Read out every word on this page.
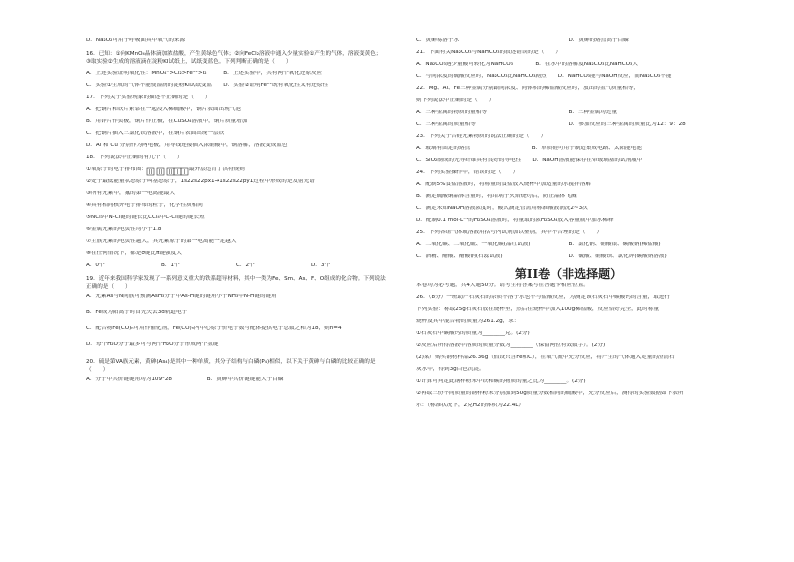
D．Na₂O₂可用于呼吸面具中氧气的来源
16．已知：①向KMnO₄晶体滴加浓盐酸，产生黄绿色气体；②向FeCl₂溶液中通入少量实验①产生的气体，溶液变黄色；③取实验②生成的溶液滴在淀粉KI试纸上，试纸变蓝色。下列判断正确的是（　　）
A．上述实验证明氧化性：MnO₄⁻>Cl₂>Fe³⁺>I₂　　　B．上述实验中，共有两个氧化还原反应
C．实验①生成的气体不能使湿润的淀粉KI试纸变蓝　　D．实验②证明Fe²⁺既有氧化性又有还原性
17．下列关于实验现象的描述不正确的是（　　）
A．把铜片和铁片紧靠在一起浸入稀硫酸中，铜片表面出现气泡
B．用锌片作负极，铜片作正极，在CuSO₄溶液中，铜片质量增加
C．把铜片插入三氯化铁溶液中，在铜片表面出现一层铁
D．Al 和 Cu 分别作为两电极，用导线连接插入浓硝酸中，铜溶解，溶液变成蓝色
18．下列说法中正确的有几个（　　）
①氧原子的电子排布图：　　　　　　　　最外层违背了洪特规则
②处于最低能量状态原子叫基态原子，1s22s22px1→1s22s22py1过程中形成的是发射光谱
③所有元素中，氟的第一电离能最大
④具有相同核外电子排布的粒子，化学性质相同
⑤NCl₃中N-Cl键的键长比CCl₄中C-Cl键的键长短
⑥金属元素的电负性均小于1.8
⑦主族元素的电负性越大，其元素原子的第一电离能一定越大
⑧在任何情况下，都是σ键比π键强度大
A．0个	B．1个	C．2个	D．3个
19．近年来我国科学家发现了一系列意义重大的铁系超导材料，其中一类为Fe、Sm、As、F、O组成的化合物。下列说法正确的是（　　）
A．元素As与N同族可预测AsH₃分子中As-H键的键角小于NH₃中N-H键的键角
B．Fe成为阳离子时首先失去3d轨道电子
C．配合物Fe(CO)ₙ可用作催化剂，Fe(CO)ₙ内中心原子价电子数与配体提供电子总数之和为18，则n=4
D．每个H₂O分子最多可与两个H₂O分子形成两个氢键
20．硫是第VA族元素，黄砷(As₄)是其中一种单质，其分子结构与白磷(P₄)相似，以下关于黄砷与白磷的比较正确的是（　　）
A．分子中共价键键角均为109°28′　　　　　　B．黄砷中共价键键能大于白磷
C．黄砷易溶于水	D．黄砷的熔点高于白磷
21．下面有关Na₂CO₃与NaHCO₃的叙述错误的是（　　）
A．Na₂CO₃遇少量酸可转化为NaHCO₃　　　　B．在水中的溶解度Na₂CO₃比NaHCO₃大
C．与同浓度的硫酸反应时，Na₂CO₃比NaHCO₃剧烈　　D．NaHCO₃能与NaOH反应，而Na₂CO₃不能
22．Mg、Al、Fe三种金属分别跟同浓度、同体积的稀盐酸反应时，放出的氢气质量相等，
则下列说法中正确的是（　　）
A．三种金属的物质的量相等	B．三种金属均过量
C．三种金属的质量相等	D．参加反应的三种金属的质量比为12：9：28
23．下列关于合硅元素物质的说法正确的是（　　）
A．玻璃有固定的熔点　　　　　　　　　　　B．单质硅可用于制造集成电路、太阳能电池
C．SiO₂制成的光导纤维具有良好的导电性　　D．NaOH溶液能保存在带玻璃塞的试剂瓶中
24．下列实验操作中，错误的是（　　）
A．配制5%食盐溶液时，将称量的食盐放入烧杯中加适量的水搅拌溶解
B．测定硫酸铜晶体含量时，将坩埚于火焰烧灼后，防止晶体飞溅
C．测定未知NaOH溶液浓度时，酸式滴定管需用标准酸液润洗2~3次
D．配制0.1 mol·L⁻¹的H₂SO₄溶液时，将量取的浓H₂SO₄放入容量瓶中加水稀释
25．下列各组气体或溶液用括号内试剂加以鉴别，其中不合理的是（　　）
A．二氧化碳、二氧化硫、一氧化碳(品红试液)	B．氯化钠、硝酸银、碳酸钠(稀盐酸)
C．酒精、醋酸、醋酸钠(石蕊试液)	D．硫酸、硝酸钡、氯化钾(碳酸钠溶液)
第II卷（非选择题）
本卷均为必考题，共4大题50分。请考生将答案写在答题卡相应位置。
26．（8分）一班助产石灰石的杂质不溶于水也不与盐酸反应，为测定该石灰石中碳酸钙的含量，取进行
下列实验：称取25g石灰石放在烧杯里，然后往烧杯中加入100g稀盐酸，反应恰好完全，此时称量
烧杯及其中混合物的质量为261.2g，求：
①石灰石中碳酸钙的质量为________克。(2分)
②反应后所得溶液中溶质的质量分数为________（保留两位有效数字）。(2分)
(2)某厂购买钢材样品26.36g（假设只含Fe和C），在氧气流中充分反应，将产生的气体通入足量的澄清石
灰水中，得到3g白色沉淀。
①计算可判定此钢样粉末中铁和碳的物质的量之比为________。(2分)
②再取三份不同质量的钢样粉末分别加到50g质量分数相同的硫酸中，充分反应后，测得的实验数据如下表所
示：（标准状况下，2克H2的体积为22.4L）
